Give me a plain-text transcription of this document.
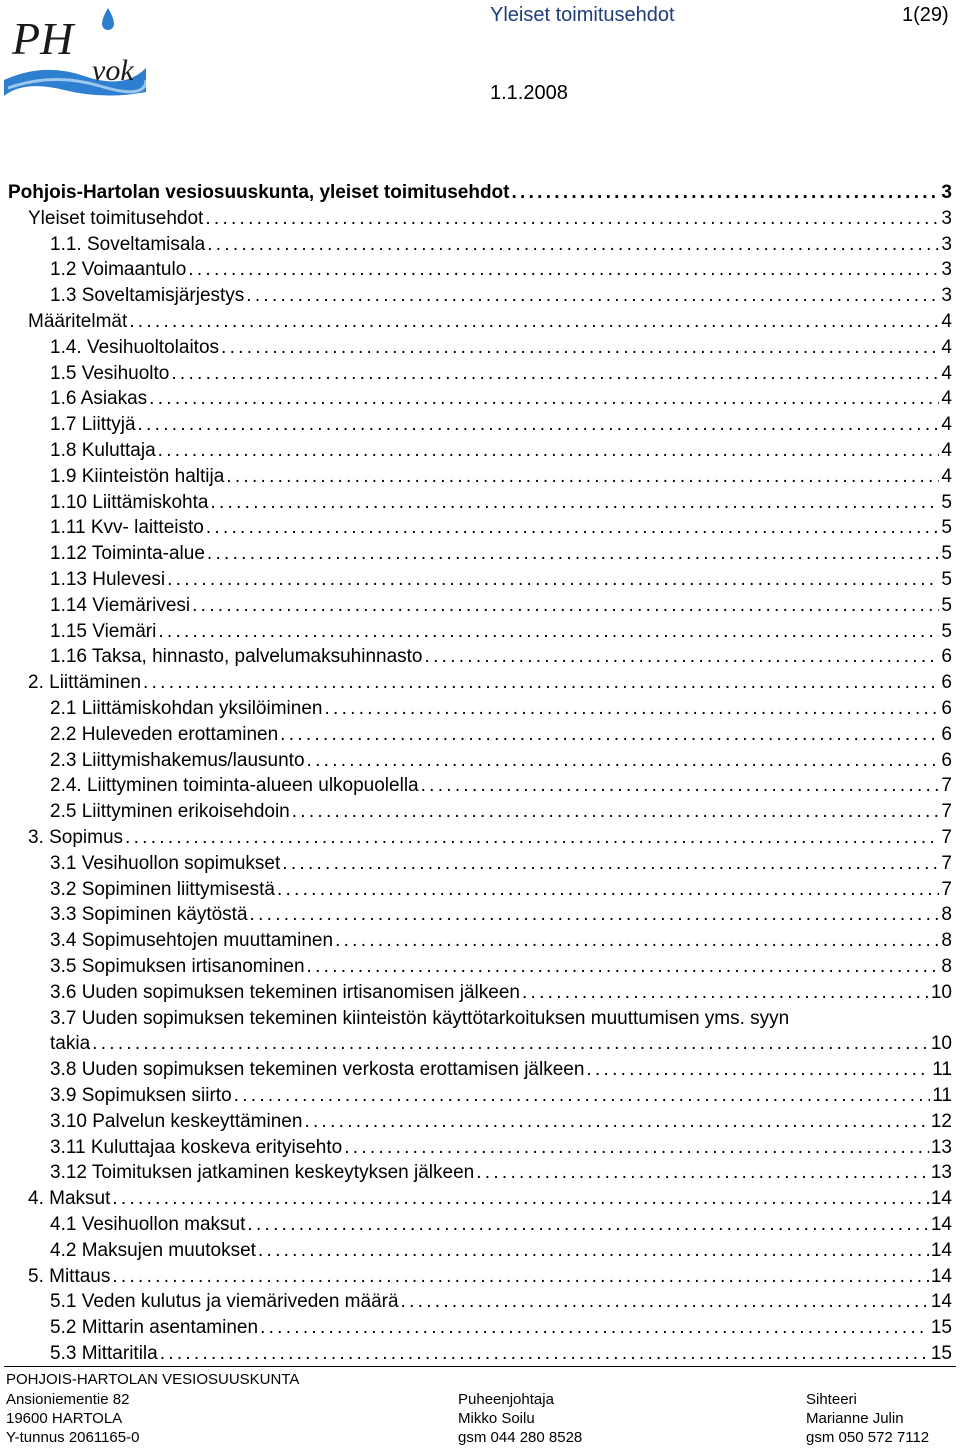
PH
vok
Yleiset toimitusehdot	1(29)
1.1.2008
Pohjois-Hartolan vesiosuuskunta, yleiset toimitusehdot . . .	3
Yleiset toimitusehdot . . .	3
1.1. Soveltamisala . . .	3
1.2 Voimaantulo . . .	3
1.3 Soveltamisjärjestys . . .	3
Määritelmät . . .	4
1.4. Vesihuoltolaitos . . .	4
1.5 Vesihuolto . . .	4
1.6 Asiakas . . .	4
1.7 Liittyjä . . .	4
1.8 Kuluttaja . . .	4
1.9 Kiinteistön haltija . . .	4
1.10 Liittämiskohta . . .	5
1.11 Kvv- laitteisto . . .	5
1.12 Toiminta-alue . . .	5
1.13 Hulevesi . . .	5
1.14 Viemärivesi . . .	5
1.15 Viemäri . . .	5
1.16 Taksa, hinnasto, palvelumaksuhinnasto . . .	6
2. Liittäminen . . .	6
2.1 Liittämiskohdan yksilöiminen . . .	6
2.2 Huleveden erottaminen . . .	6
2.3 Liittymishakemus/lausunto . . .	6
2.4. Liittyminen toiminta-alueen ulkopuolella . . .	7
2.5 Liittyminen erikoisehdoin . . .	7
3. Sopimus . . .	7
3.1 Vesihuollon sopimukset . . .	7
3.2 Sopiminen liittymisestä . . .	7
3.3 Sopiminen käytöstä . . .	8
3.4 Sopimusehtojen muuttaminen . . .	8
3.5 Sopimuksen irtisanominen . . .	8
3.6 Uuden sopimuksen tekeminen irtisanomisen jälkeen . . .	10
3.7 Uuden sopimuksen tekeminen kiinteistön käyttötarkoituksen muuttumisen yms. syyn
takia . . .	10
3.8 Uuden sopimuksen tekeminen verkosta erottamisen jälkeen . . .	11
3.9 Sopimuksen siirto . . .	11
3.10 Palvelun keskeyttäminen . . .	12
3.11 Kuluttajaa koskeva erityisehto . . .	13
3.12 Toimituksen jatkaminen keskeytyksen jälkeen . . .	13
4. Maksut . . .	14
4.1 Vesihuollon maksut . . .	14
4.2 Maksujen muutokset . . .	14
5. Mittaus . . .	14
5.1 Veden kulutus ja viemäriveden määrä . . .	14
5.2 Mittarin asentaminen . . .	15
5.3 Mittaritila . . .	15
POHJOIS-HARTOLAN VESIOSUUSKUNTA
Ansioniementie 82
19600 HARTOLA
Y-tunnus 2061165-0
Puheenjohtaja
Mikko Soilu
gsm 044 280 8528
Sihteeri
Marianne Julin
gsm 050 572 7112
